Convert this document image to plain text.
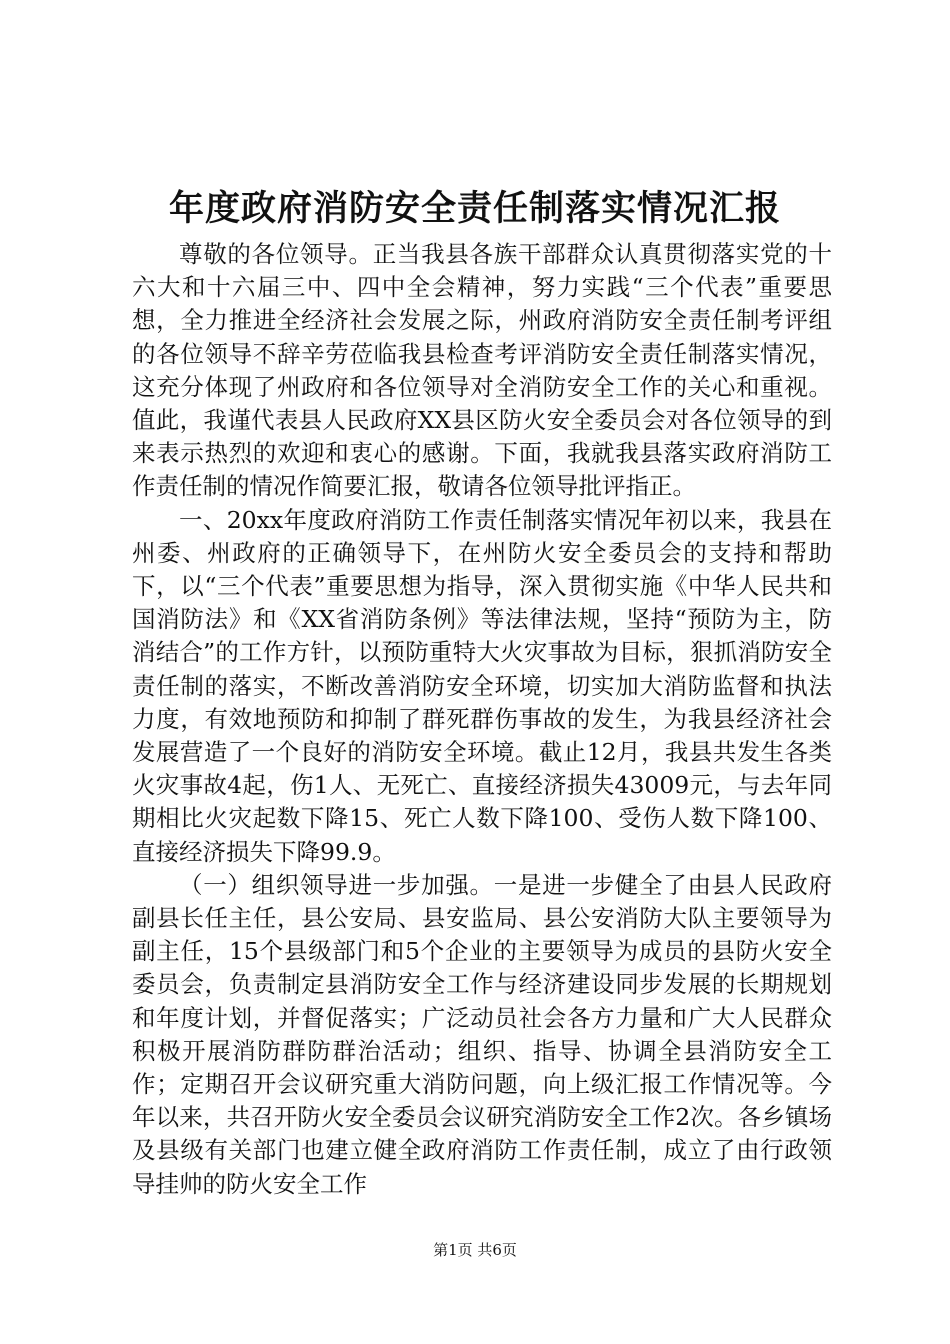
年度政府消防安全责任制落实情况汇报

尊敬的各位领导。正当我县各族干部群众认真贯彻落实党的十六大和十六届三中、四中全会精神，努力实践“三个代表”重要思想，全力推进全经济社会发展之际，州政府消防安全责任制考评组的各位领导不辞辛劳莅临我县检查考评消防安全责任制落实情况，这充分体现了州政府和各位领导对全消防安全工作的关心和重视。值此，我谨代表县人民政府XX县区防火安全委员会对各位领导的到来表示热烈的欢迎和衷心的感谢。下面，我就我县落实政府消防工作责任制的情况作简要汇报，敬请各位领导批评指正。

一、20xx年度政府消防工作责任制落实情况年初以来，我县在州委、州政府的正确领导下，在州防火安全委员会的支持和帮助下，以“三个代表”重要思想为指导，深入贯彻实施《中华人民共和国消防法》和《XX省消防条例》等法律法规，坚持“预防为主，防消结合”的工作方针，以预防重特大火灾事故为目标，狠抓消防安全责任制的落实，不断改善消防安全环境，切实加大消防监督和执法力度，有效地预防和抑制了群死群伤事故的发生，为我县经济社会发展营造了一个良好的消防安全环境。截止12月，我县共发生各类火灾事故4起，伤1人、无死亡、直接经济损失43009元，与去年同期相比火灾起数下降15、死亡人数下降100、受伤人数下降100、直接经济损失下降99.9。

（一）组织领导进一步加强。一是进一步健全了由县人民政府副县长任主任，县公安局、县安监局、县公安消防大队主要领导为副主任，15个县级部门和5个企业的主要领导为成员的县防火安全委员会，负责制定县消防安全工作与经济建设同步发展的长期规划和年度计划，并督促落实；广泛动员社会各方力量和广大人民群众积极开展消防群防群治活动；组织、指导、协调全县消防安全工作；定期召开会议研究重大消防问题，向上级汇报工作情况等。今年以来，共召开防火安全委员会议研究消防安全工作2次。各乡镇场及县级有关部门也建立健全政府消防工作责任制，成立了由行政领导挂帅的防火安全工作

第1页 共6页
